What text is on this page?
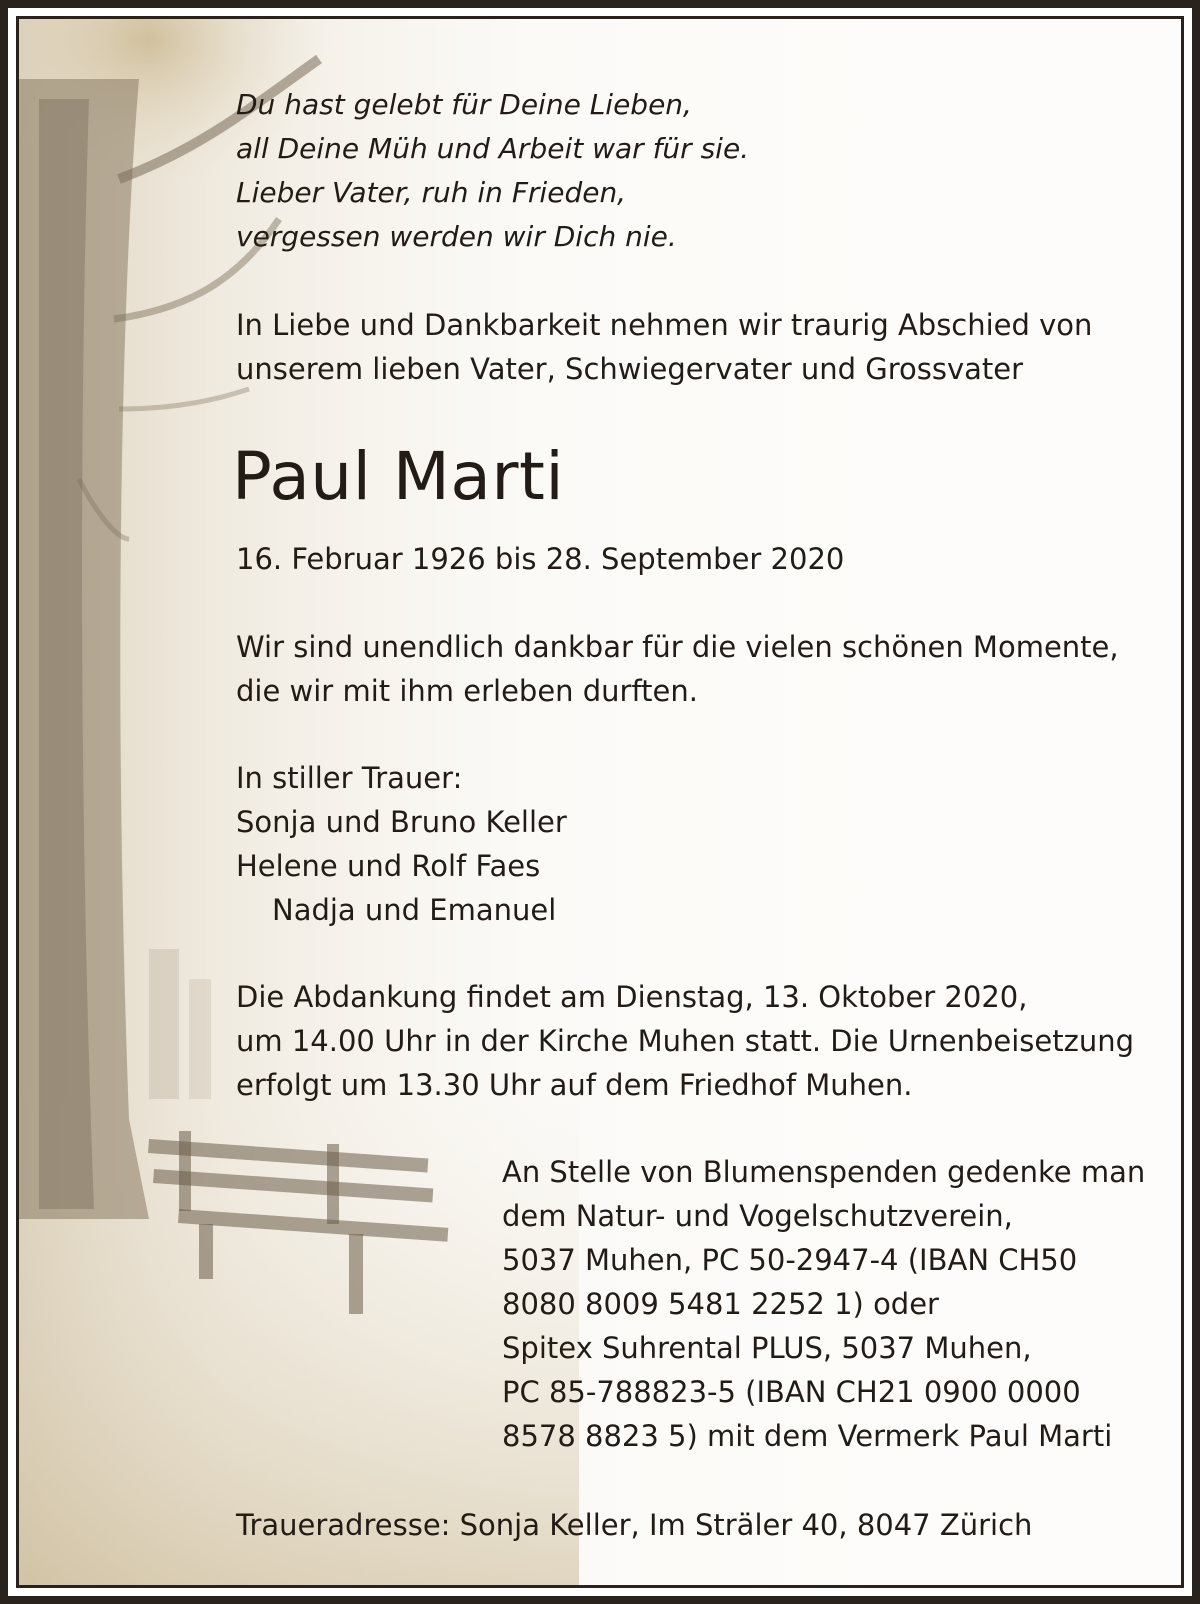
Du hast gelebt für Deine Lieben,
all Deine Müh und Arbeit war für sie.
Lieber Vater, ruh in Frieden,
vergessen werden wir Dich nie.
In Liebe und Dankbarkeit nehmen wir traurig Abschied von
unserem lieben Vater, Schwiegervater und Grossvater
Paul Marti
16. Februar 1926 bis 28. September 2020
Wir sind unendlich dankbar für die vielen schönen Momente,
die wir mit ihm erleben durften.
In stiller Trauer:
Sonja und Bruno Keller
Helene und Rolf Faes
Nadja und Emanuel
Die Abdankung findet am Dienstag, 13. Oktober 2020,
um 14.00 Uhr in der Kirche Muhen statt. Die Urnenbeisetzung
erfolgt um 13.30 Uhr auf dem Friedhof Muhen.
An Stelle von Blumenspenden gedenke man
dem Natur- und Vogelschutzverein,
5037 Muhen, PC 50-2947-4 (IBAN CH50
8080 8009 5481 2252 1) oder
Spitex Suhrental PLUS, 5037 Muhen,
PC 85-788823-5 (IBAN CH21 0900 0000
8578 8823 5) mit dem Vermerk Paul Marti
Traueradresse: Sonja Keller, Im Sträler 40, 8047 Zürich
